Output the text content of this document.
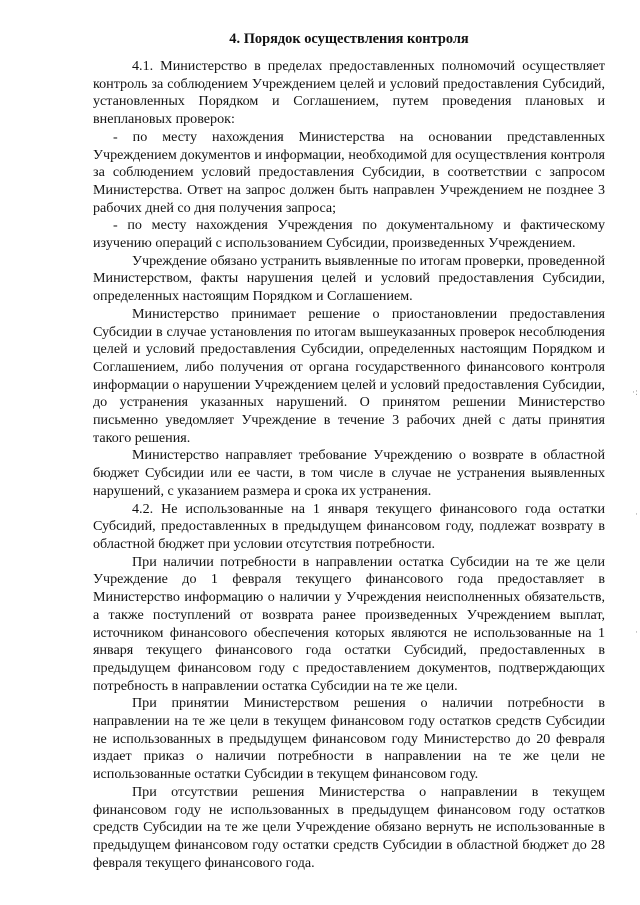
4. Порядок осуществления контроля

4.1. Министерство в пределах предоставленных полномочий осуществляет контроль за соблюдением Учреждением целей и условий предоставления Субсидий, установленных Порядком и Соглашением, путем проведения плановых и внеплановых проверок:

- по месту нахождения Министерства на основании представленных Учреждением документов и информации, необходимой для осуществления контроля за соблюдением условий предоставления Субсидии, в соответствии с запросом Министерства. Ответ на запрос должен быть направлен Учреждением не позднее 3 рабочих дней со дня получения запроса;

- по месту нахождения Учреждения по документальному и фактическому изучению операций с использованием Субсидии, произведенных Учреждением.

Учреждение обязано устранить выявленные по итогам проверки, проведенной Министерством, факты нарушения целей и условий предоставления Субсидии, определенных настоящим Порядком и Соглашением.

Министерство принимает решение о приостановлении предоставления Субсидии в случае установления по итогам вышеуказанных проверок несоблюдения целей и условий предоставления Субсидии, определенных настоящим Порядком и Соглашением, либо получения от органа государственного финансового контроля информации о нарушении Учреждением целей и условий предоставления Субсидии, до устранения указанных нарушений. О принятом решении Министерство письменно уведомляет Учреждение в течение 3 рабочих дней с даты принятия такого решения.

Министерство направляет требование Учреждению о возврате в областной бюджет Субсидии или ее части, в том числе в случае не устранения выявленных нарушений, с указанием размера и срока их устранения.

4.2. Не использованные на 1 января текущего финансового года остатки Субсидий, предоставленных в предыдущем финансовом году, подлежат возврату в областной бюджет при условии отсутствия потребности.

При наличии потребности в направлении остатка Субсидии на те же цели Учреждение до 1 февраля текущего финансового года предоставляет в Министерство информацию о наличии у Учреждения неисполненных обязательств, а также поступлений от возврата ранее произведенных Учреждением выплат, источником финансового обеспечения которых являются не использованные на 1 января текущего финансового года остатки Субсидий, предоставленных в предыдущем финансовом году с предоставлением документов, подтверждающих потребность в направлении остатка Субсидии на те же цели.

При принятии Министерством решения о наличии потребности в направлении на те же цели в текущем финансовом году остатков средств Субсидии не использованных в предыдущем финансовом году Министерство до 20 февраля издает приказ о наличии потребности в направлении на те же цели не использованные остатки Субсидии в текущем финансовом году.

При отсутствии решения Министерства о направлении в текущем финансовом году не использованных в предыдущем финансовом году остатков средств Субсидии на те же цели Учреждение обязано вернуть не использованные в предыдущем финансовом году остатки средств Субсидии в областной бюджет до 28 февраля текущего финансового года.

·:
·
·
